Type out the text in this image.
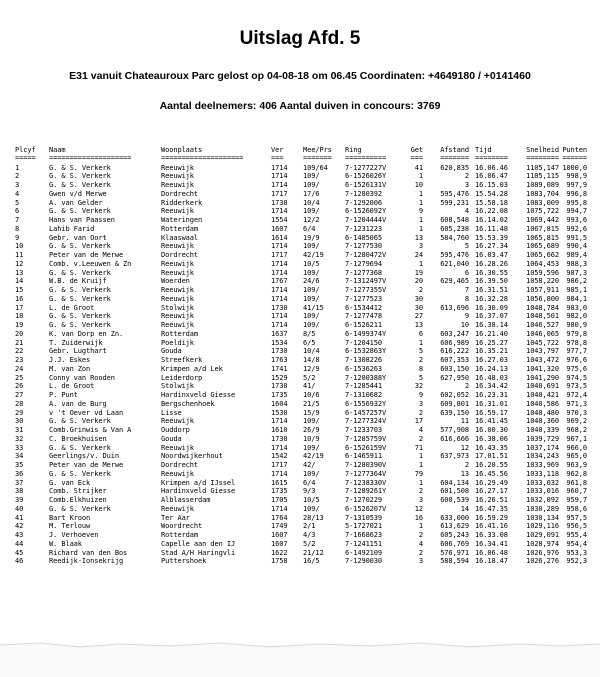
Uitslag Afd. 5
E31 vanuit Chateauroux Parc gelost op 04-08-18 om 06.45 Coordinaten: +4649180 / +0141460
Aantal deelnemers: 406 Aantal duiven in concours: 3769
Plcyf	Naam	Woonplaats	Ver	Mee/Prs	Ring	Get	Afstand Tijd	Snelheid Punten
=====	====================	====================	===	=======	==========	===	======= ========	======== ======
1	G. & S. Verkerk	Reeuwijk	1714	109/64	7-1277227V	41	620,835 16.06.46	1105,147 1000,0
2	G. & S. Verkerk	Reeuwijk	1714	109/	6-1526026Y	1	2 16.06.47	1105,115	998,9
3	G. & S. Verkerk	Reeuwijk	1714	109/	6-1526131V	10	3 16.15.03	1089,089	997,9
4	Gwen v/d Merwe	Dordrecht	1717	17/6	7-1280392	1	595,476 15.54.28	1083,704	996,8
5	A. van Gelder	Ridderkerk	1738	10/4	7-1292006	1	599,231 15.58.18	1083,009	995,8
6	G. & S. Verkerk	Reeuwijk	1714	109/	6-1526092Y	9	4 16.22.08	1075,722	994,7
7	Hans van Paassen	Wateringen	1554	12/2	7-1204444V	1	608,548 16.14.02	1069,442	993,6
8	Lahib Farid	Rotterdam	1607	6/4	7-1231223	1	605,238 16.11.48	1067,815	992,6
9	Gebr. van Oort	Klaaswaal	1614	19/9	6-1485065	13	584,760 15.53.39	1065,815	991,5
10	G. & S. Verkerk	Reeuwijk	1714	109/	7-1277530	3	5 16.27.34	1065,689	990,4
11	Peter van de Merwe	Dordrecht	1717	42/19	7-1280472V	24	595,476 16.03.47	1065,662	989,4
12	Comb. v.Leeuwen & Zn	Reeuwijk	1714	10/5	7-1279694	1	621,040 16.28.26	1064,453	988,3
13	G. & S. Verkerk	Reeuwijk	1714	109/	7-1277368	19	6 16.30.55	1059,596	987,3
14	W.B. de Kruijf	Woerden	1767	24/6	7-1312497V	20	629,465 16.39.50	1058,220	986,2
15	G. & S. Verkerk	Reeuwijk	1714	109/	7-1277355V	2	7 16.31.51	1057,911	985,1
16	G. & S. Verkerk	Reeuwijk	1714	109/	7-1277523	30	8 16.32.28	1056,800	984,1
17	L. de Groot	Stolwijk	1730	41/15	6-1534412	30	613,696 16.30.09	1048,784	983,0
18	G. & S. Verkerk	Reeuwijk	1714	109/	7-1277478	27	9 16.37.07	1048,501	982,0
19	G. & S. Verkerk	Reeuwijk	1714	109/	6-1526211	13	10 16.38.14	1046,527	980,9
20	K. van Dorp en Zn.	Rotterdam	1637	8/5	6-1499374Y	6	603,247 16.21.40	1046,065	979,8
21	T. Zuiderwijk	Poeldijk	1534	6/5	7-1204150	1	606,989 16.25.27	1045,722	978,8
22	Gebr. Lugthart	Gouda	1730	10/4	6-1532863Y	5	616,222 16.35.21	1043,797	977,7
23	J.J. Eskes	Streefkerk	1763	14/8	7-1308226	2	607,353 16.27.03	1043,472	976,6
24	M. van Zon	Krimpen a/d Lek	1741	12/9	6-1536263	8	603,150 16.24.13	1041,320	975,6
25	Conny van Rooden	Leiderdorp	1529	5/2	7-1200388Y	5	627,950 16.48.03	1041,290	974,5
26	L. de Groot	Stolwijk	1730	41/	7-1285441	32	2 16.34.42	1040,691	973,5
27	P. Punt	Hardinxveld Giesse	1735	10/6	7-1310682	9	602,052 16.23.31	1040,421	972,4
28	A. van de Burg	Bergschenhoek	1604	21/5	6-1556932Y	3	609,801 16.31.01	1040,586	971,3
29	v 't Oever vd Laan	Lisse	1530	15/9	6-1457257V	2	639,150 16.59.17	1040,480	970,3
30	G. & S. Verkerk	Reeuwijk	1714	109/	7-1277324V	17	11 16.41.45	1040,360	969,2
31	Comb.Grinwis & Van A	Ouddorp	1610	26/9	7-1233703	4	577,908 16.00.30	1040,339	968,2
32	C. Broekhuisen	Gouda	1730	10/9	7-1285759V	2	616,666 16.38.06	1039,729	967,1
33	G. & S. Verkerk	Reeuwijk	1714	109/	6-1526159V	71	12 16.43.35	1037,174	966,0
34	Geerlings/v. Duin	Noordwijkerhout	1542	42/19	6-1465911	1	637,973 17.01.51	1034,243	965,0
35	Peter van de Merwe	Dordrecht	1717	42/	7-1280390V	1	2 16.20.55	1033,969	963,9
36	G. & S. Verkerk	Reeuwijk	1714	109/	7-1277364V	79	13 16.45.56	1033,118	962,8
37	G. van Eck	Krimpen a/d IJssel	1615	6/4	7-1238330V	1	604,134 16.29.49	1033,032	961,8
38	Comb. Strijker	Hardinxveld Giesse	1735	9/3	7-1289261Y	2	601,508 16.27.17	1033,016	960,7
39	Comb.Elkhuizen	Alblasserdam	1705	10/5	7-1270229	3	600,539 16.26.51	1032,092	959,7
40	G. & S. Verkerk	Reeuwijk	1714	109/	6-1526207V	12	14 16.47.35	1030,289	958,6
41	Bart Kroon	Ter Aar	1764	28/13	7-1310539	16	633,000 16.59.29	1030,134	957,5
42	M. Terlouw	Woordrecht	1749	2/1	5-1727021	1	613,629 16.41.16	1029,116	956,5
43	J. Verhoeven	Rotterdam	1607	4/3	7-1668623	2	605,243 16.33.08	1029,091	955,4
44	W. Blaak	Capelle aan den IJ	1607	5/2	7-1241151	4	606,769 16.34.41	1028,974	954,4
45	Richard van den Bos	Stad A/H Haringvli	1622	21/12	6-1492109	2	576,971 16.06.48	1026,976	953,3
46	Reedijk-Ionsekrijg	Puttershoek	1758	16/5	7-1290030	3	588,594 16.18.47	1026,276	952,3
